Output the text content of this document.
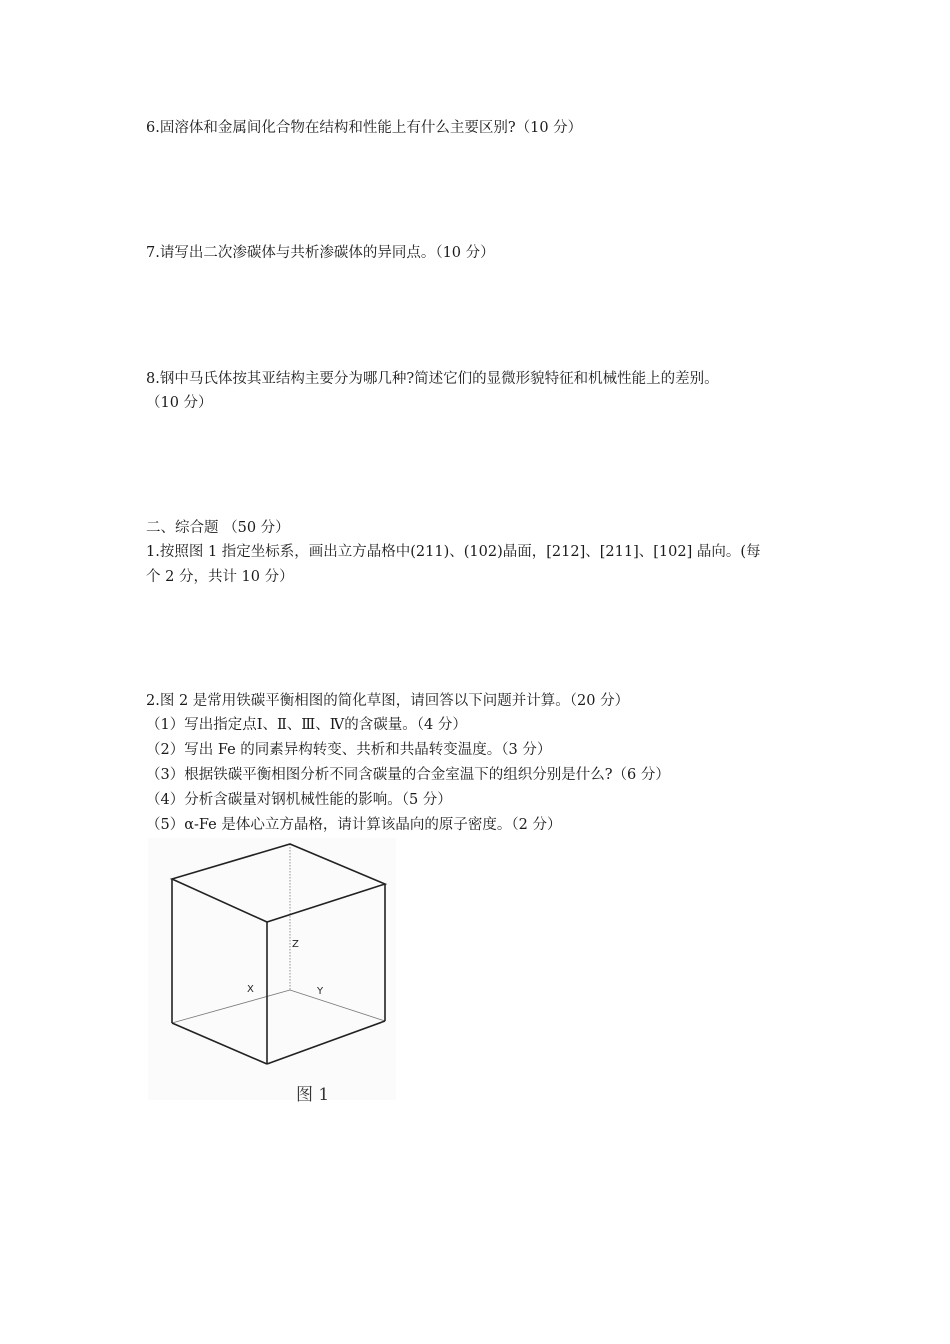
6.固溶体和金属间化合物在结构和性能上有什么主要区别?（10 分）
7.请写出二次渗碳体与共析渗碳体的异同点。（10 分）
8.钢中马氏体按其亚结构主要分为哪几种?简述它们的显微形貌特征和机械性能上的差别。
（10 分）
二、综合题 （50 分）
1.按照图 1 指定坐标系，画出立方晶格中(211)、(102)晶面，[212]、[211]、[102] 晶向。(每
个 2 分，共计 10 分）
2.图 2 是常用铁碳平衡相图的简化草图，请回答以下问题并计算。（20 分）
（1）写出指定点Ⅰ、Ⅱ、Ⅲ、Ⅳ的含碳量。（4 分）
（2）写出 Fe 的同素异构转变、共析和共晶转变温度。（3 分）
（3）根据铁碳平衡相图分析不同含碳量的合金室温下的组织分别是什么?（6 分）
（4）分析含碳量对钢机械性能的影响。（5 分）
（5）α-Fe 是体心立方晶格，请计算该晶向的原子密度。（2 分）
Z
X	Y
图 1
